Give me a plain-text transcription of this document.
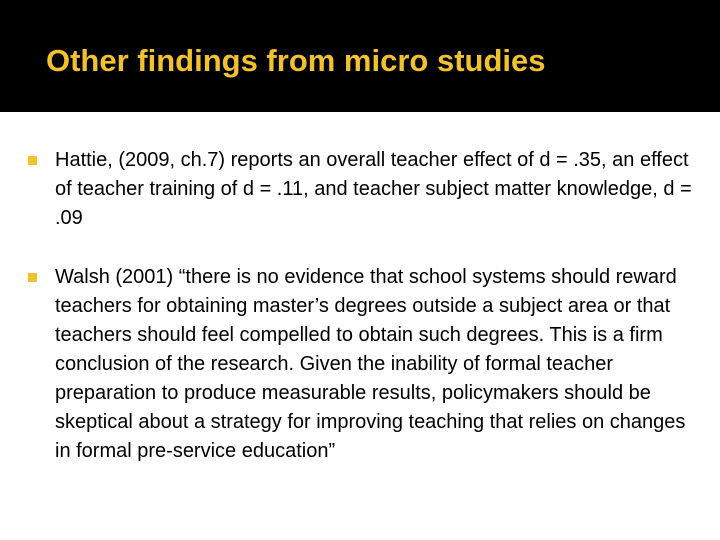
Other findings from micro studies
Hattie, (2009, ch.7) reports an overall teacher effect of d = .35, an effect of teacher training of d = .11, and teacher subject matter knowledge, d = .09
Walsh (2001) “there is no evidence that school systems should reward teachers for obtaining master’s degrees outside a subject area or that teachers should feel compelled to obtain such degrees. This is a firm conclusion of the research. Given the inability of formal teacher preparation to produce measurable results, policymakers should be skeptical about a strategy for improving teaching that relies on changes in formal pre-service education”
